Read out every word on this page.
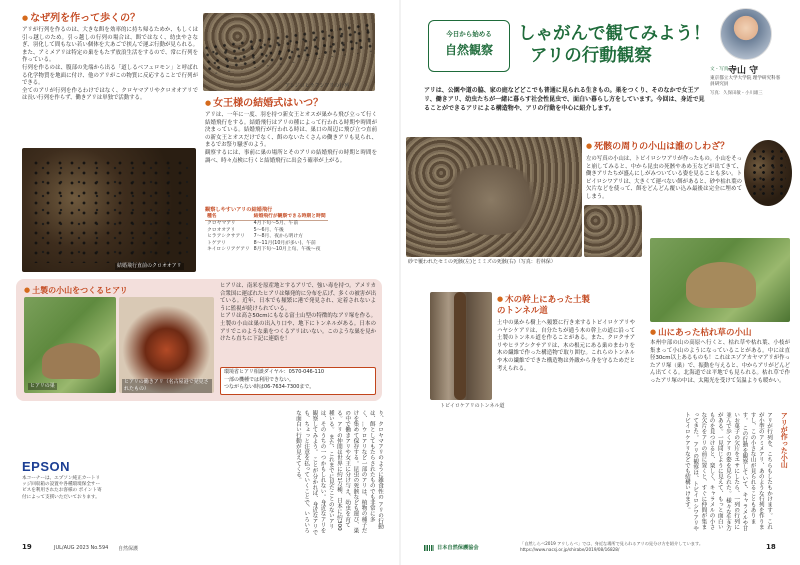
● なぜ列を作って歩くの？
アリが行列を作るのは、大きな餌を効率的に持ち帰るためか、もしくは引っ越しのため。引っ越しの行列の場合は、餌ではなく、幼虫やさなぎ、羽化して間もない若い個体を大あごで挟んで運ぶ行動が見られる。また、アミメアリは特定の巣をもたず放浪生活をするので、常に行列を作っている。
行列を作るのは、腹部の先端から出る「道しるべフェロモン」と呼ばれる化学物質を地面に付け、他のアリがこの物質に反応することで行列ができる。
全てのアリが行列を作るわけではなく、クロヤマアリやクロオオアリでは長い行列を作らず、働きアリは単独で活動する。
アシジロヒラフシアリの行列
結婚飛行直前のクロオオアリ
● 女王様の結婚式はいつ？
アリは、一年に一度、羽を持つ新女王とオスが巣から飛び立って行く結婚飛行をする。結婚飛行はアリの種によって行われる時期や時間が決まっている。結婚飛行が行われる時は、巣口の周辺に飛び立つ直前の新女王とオスだけでなく、餌のないたくさんの働きアリも見られ、まるでお祭り騒ぎのよう。
観察するには、事前に巣の場所とそのアリの結婚飛行の時期と時間を調べ、時々点検に行くと結婚飛行に出会う確率が上がる。
観察しやすいアリの結婚飛行
種名	結婚飛行が観察できる時期と時間
クロヤマアリ	4月下旬〜5月、午前
クロオオアリ	5〜6月、午後
ヒラアシクサアリ	7〜8月、夜から明け方
トゲアリ	8〜11月(10月が多い)、午前
キイロシリアゲアリ	8月下旬〜10月上旬、午後〜夜
● 土製の小山をつくるヒアリ
ヒアリの巣
ヒアリの働きアリ（名古屋港で発見されたもの）
ヒアリは、南米を原産地とするアリで、強い毒を持つ。アメリカ合衆国に運ばれたヒアリは爆発的に分布を広げ、多くの被害が出ている。近年、日本でも頻繁に港で発見され、定着されないように監視が続けられている。
ヒアリは高さ50cmにもなる富士山型の特徴的なアリ塚を作る。土製の小山は巣の出入り口や、地下にトンネルがある。日本のアリでこのような巣をつくるアリはいない。このような巣を見かけたら直ちに下記に連絡を！
環境省ヒアリ相談ダイヤル：0570-046-110
一部の機種では利用できない。
つながらない時は06-7634-7300まで。
り、クロヤマアリのように雑食性の アリの行動は、餌としてもたらされたものでも非常に多く、…ウロアリなど一部のアリは、植物の種子だけを集めて保存する。昆虫の死骸なども運び、巣の中で働きアリや女王に分け与え、幼虫を育てる。アリの仲間は世界に約1万種、日本に約300種いる。 また、これまでに見たことのないアリは、そのうちの一つかもしれない。身近なアリを観察してみよう。 ことが分かれば、身近なアリでも、ちょっと注意を払っていくことで、いろいろな面白い行動が見えてくる。
EPSON
本コーナーは、エプソン純正カートリッジ回収箱の設置や各種環境保全サービスを利用されたお客様の ポイント寄付によって支援いただいております。
19	JUL/AUG 2023 No.594 自然保護
今日から始める
自然観察
しゃがんで観てみよう！
アリの行動観察
文・写真 寺山 守
東京都立大学大学院 理学研究科客員研究員
写真：久保田敏・小川雄三
アリは、公園や道の脇、家の庭などどこでも普通に見られる生きもの。巣をつくり、そのなかで女王アリ、働きアリ、幼虫たちが一緒に暮らす社会性昆虫で、面白い暮らし方をしています。今回は、身近で見ることができるアリによる構造物や、アリの行動を中心に紹介します。
砂で覆われたセミの死骸(左)とミミズの死骸(右)（写真：若林保）
● 死骸の周りの小山は誰のしわざ？
左の写真の小山は、トビイロシワアリが作ったもの。小山をそっと崩してみると、中から昆虫の死骸やあめ玉などが出てきて、働きアリたちが盛んにしがみついている姿を見ることも多い。トビイロシワアリは、大きくて運べない餌があると、砂や枯れ葉の欠片などを使って、餌をどんどん覆い込み最後は完全に埋めてしまう。
トビイロケアリのトンネル道
● 木の幹上にあった土製のトンネル道
土中の巣から樹上へ頻繁に行き来するトビイロケアリやハヤシケアリは、自分たちが通う木の幹上の道に沿って土製のトンネル道を作ることがある。また、クロクサアリやヒラアシクサアリは、木の根元にある巣のまわりを木の繊維で作った構造物で取り囲む。これらのトンネルや木の繊維でできた構造物は外敵から身を守るためだと考えられる。
● 山にあった枯れ草の小山
本州中部の山の高原へ行くと、枯れ草や枯れ葉、小枝が集まって小山のようになっていることがある。中には直径30cm以上あるものも！これはエゾアカヤマアリが作ったアリ塚（巣）で、振動を与えると、中からアリがどんどん出てくる。北海道では平地でも見られる。枯れ草で作ったアリ塚の中は、太陽光を受けて気温よりも暖かい。
アリが作った小山
アリが行列を、こちらもしたもかけます。これが小型のアミメアリ、あのような行列を作りますし、この小さな山が見られることもあります。 この行動を観察していて、キャラメルや甘いお菓子の欠片をエサにしたら、一列の行列に並んで歩くアリの姿を見られた。 様々な生き方がある。一見同じように見えて、もっと面白いものを見つけると、楽しく、キャラメルの小さな欠片をアリの前に置くと、すぐに仲間が集まってきた。 アリの観察は、トビイロシワアリやトビイロケアリなどでも結構いけます。
日本自然保護協会
「自然しらべ2019 アリしらべ」では、身近な場所で見られるアリの見分け方を紹介しています。
https://www.nacsj.or.jp/shirabe/2019/08/16828/	18
